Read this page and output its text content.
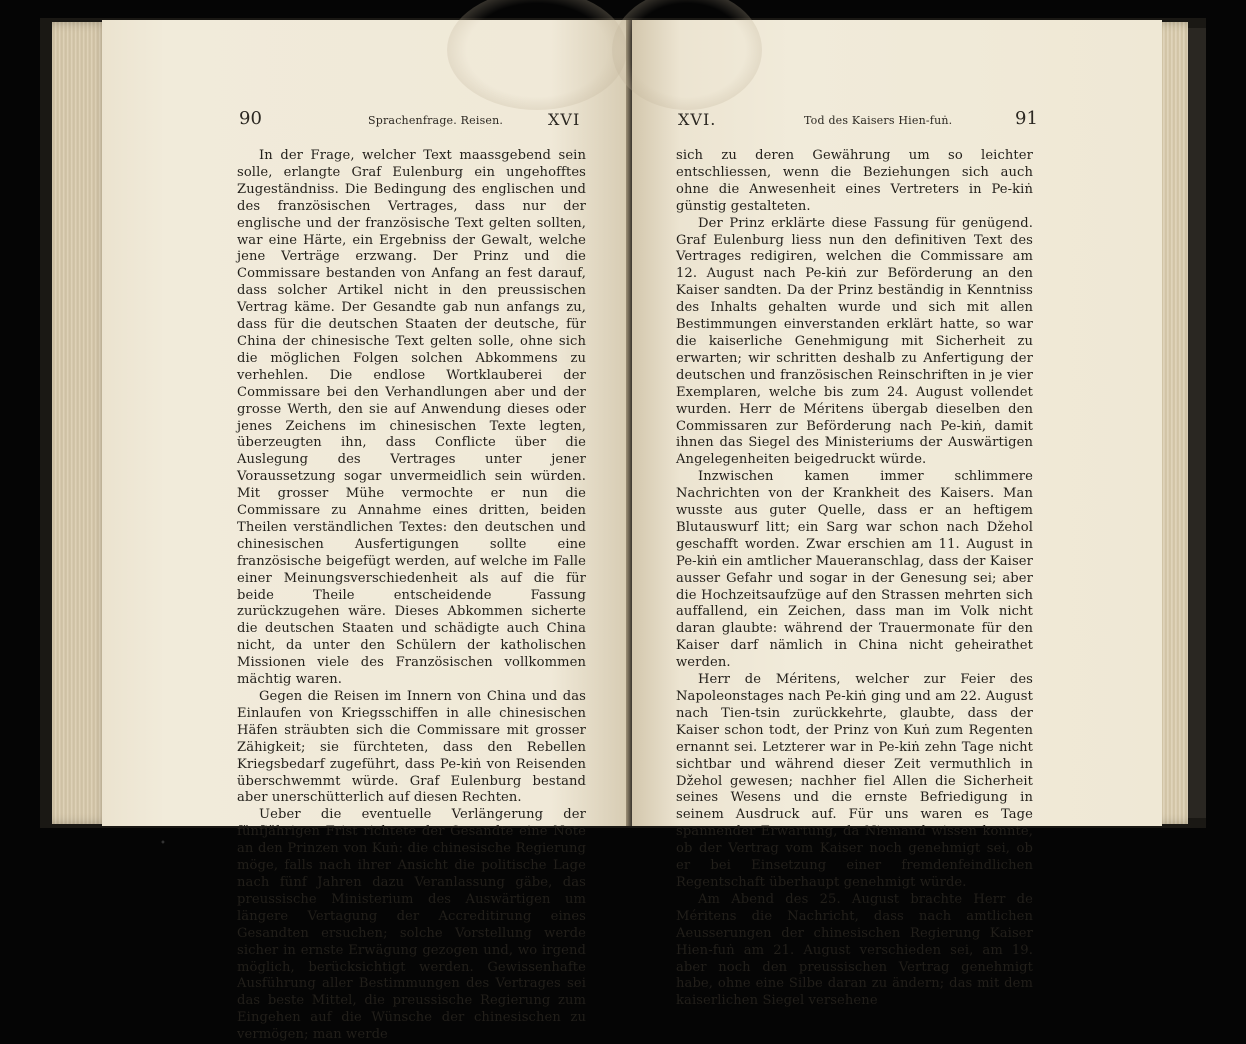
90	Sprachenfrage. Reisen.	XVI

In der Frage, welcher Text maassgebend sein solle, erlangte Graf Eulenburg ein ungehofftes Zugeständniss. Die Bedingung des englischen und des französischen Vertrages, dass nur der englische und der französische Text gelten sollten, war eine Härte, ein Ergebniss der Gewalt, welche jene Verträge erzwang. Der Prinz und die Commissare bestanden von Anfang an fest darauf, dass solcher Artikel nicht in den preussischen Vertrag käme. Der Gesandte gab nun anfangs zu, dass für die deutschen Staaten der deutsche, für China der chinesische Text gelten solle, ohne sich die möglichen Folgen solchen Abkommens zu verhehlen. Die endlose Wortklauberei der Commissare bei den Verhandlungen aber und der grosse Werth, den sie auf Anwendung dieses oder jenes Zeichens im chinesischen Texte legten, überzeugten ihn, dass Conflicte über die Auslegung des Vertrages unter jener Voraussetzung sogar unvermeidlich sein würden. Mit grosser Mühe vermochte er nun die Commissare zu Annahme eines dritten, beiden Theilen verständlichen Textes: den deutschen und chinesischen Ausfertigungen sollte eine französische beigefügt werden, auf welche im Falle einer Meinungsverschiedenheit als auf die für beide Theile entscheidende Fassung zurückzugehen wäre. Dieses Abkommen sicherte die deutschen Staaten und schädigte auch China nicht, da unter den Schülern der katholischen Missionen viele des Französischen vollkommen mächtig waren.

Gegen die Reisen im Innern von China und das Einlaufen von Kriegsschiffen in alle chinesischen Häfen sträubten sich die Commissare mit grosser Zähigkeit; sie fürchteten, dass den Rebellen Kriegsbedarf zugeführt, dass Pe-kiṅ von Reisenden überschwemmt würde. Graf Eulenburg bestand aber unerschütterlich auf diesen Rechten.

Ueber die eventuelle Verlängerung der fünfjährigen Frist richtete der Gesandte eine Note an den Prinzen von Kuṅ: die chinesische Regierung möge, falls nach ihrer Ansicht die politische Lage nach fünf Jahren dazu Veranlassung gäbe, das preussische Ministerium des Auswärtigen um längere Vertagung der Accreditirung eines Gesandten ersuchen; solche Vorstellung werde sicher in ernste Erwägung gezogen und, wo irgend möglich, berücksichtigt werden. Gewissenhafte Ausführung aller Bestimmungen des Vertrages sei das beste Mittel, die preussische Regierung zum Eingehen auf die Wünsche der chinesischen zu vermögen; man werde

•
XVI.	Tod des Kaisers Hien-fuṅ.	91

sich zu deren Gewährung um so leichter entschliessen, wenn die Beziehungen sich auch ohne die Anwesenheit eines Vertreters in Pe-kiṅ günstig gestalteten.

Der Prinz erklärte diese Fassung für genügend. Graf Eulenburg liess nun den definitiven Text des Vertrages redigiren, welchen die Commissare am 12. August nach Pe-kiṅ zur Beförderung an den Kaiser sandten. Da der Prinz beständig in Kenntniss des Inhalts gehalten wurde und sich mit allen Bestimmungen einverstanden erklärt hatte, so war die kaiserliche Genehmigung mit Sicherheit zu erwarten; wir schritten deshalb zu Anfertigung der deutschen und französischen Reinschriften in je vier Exemplaren, welche bis zum 24. August vollendet wurden. Herr de Méritens übergab dieselben den Commissaren zur Beförderung nach Pe-kiṅ, damit ihnen das Siegel des Ministeriums der Auswärtigen Angelegenheiten beigedruckt würde.

Inzwischen kamen immer schlimmere Nachrichten von der Krankheit des Kaisers. Man wusste aus guter Quelle, dass er an heftigem Blutauswurf litt; ein Sarg war schon nach Džehol geschafft worden. Zwar erschien am 11. August in Pe-kiṅ ein amtlicher Maueranschlag, dass der Kaiser ausser Gefahr und sogar in der Genesung sei; aber die Hochzeitsaufzüge auf den Strassen mehrten sich auffallend, ein Zeichen, dass man im Volk nicht daran glaubte: während der Trauermonate für den Kaiser darf nämlich in China nicht geheirathet werden.

Herr de Méritens, welcher zur Feier des Napoleonstages nach Pe-kiṅ ging und am 22. August nach Tien-tsin zurückkehrte, glaubte, dass der Kaiser schon todt, der Prinz von Kuṅ zum Regenten ernannt sei. Letzterer war in Pe-kiṅ zehn Tage nicht sichtbar und während dieser Zeit vermuthlich in Džehol gewesen; nachher fiel Allen die Sicherheit seines Wesens und die ernste Befriedigung in seinem Ausdruck auf. Für uns waren es Tage spannender Erwartung, da Niemand wissen konnte, ob der Vertrag vom Kaiser noch genehmigt sei, ob er bei Einsetzung einer fremdenfeindlichen Regentschaft überhaupt genehmigt würde.

Am Abend des 25. August brachte Herr de Méritens die Nachricht, dass nach amtlichen Aeusserungen der chinesischen Regierung Kaiser Hien-fuṅ am 21. August verschieden sei, am 19. aber noch den preussischen Vertrag genehmigt habe, ohne eine Silbe daran zu ändern; das mit dem kaiserlichen Siegel versehene
